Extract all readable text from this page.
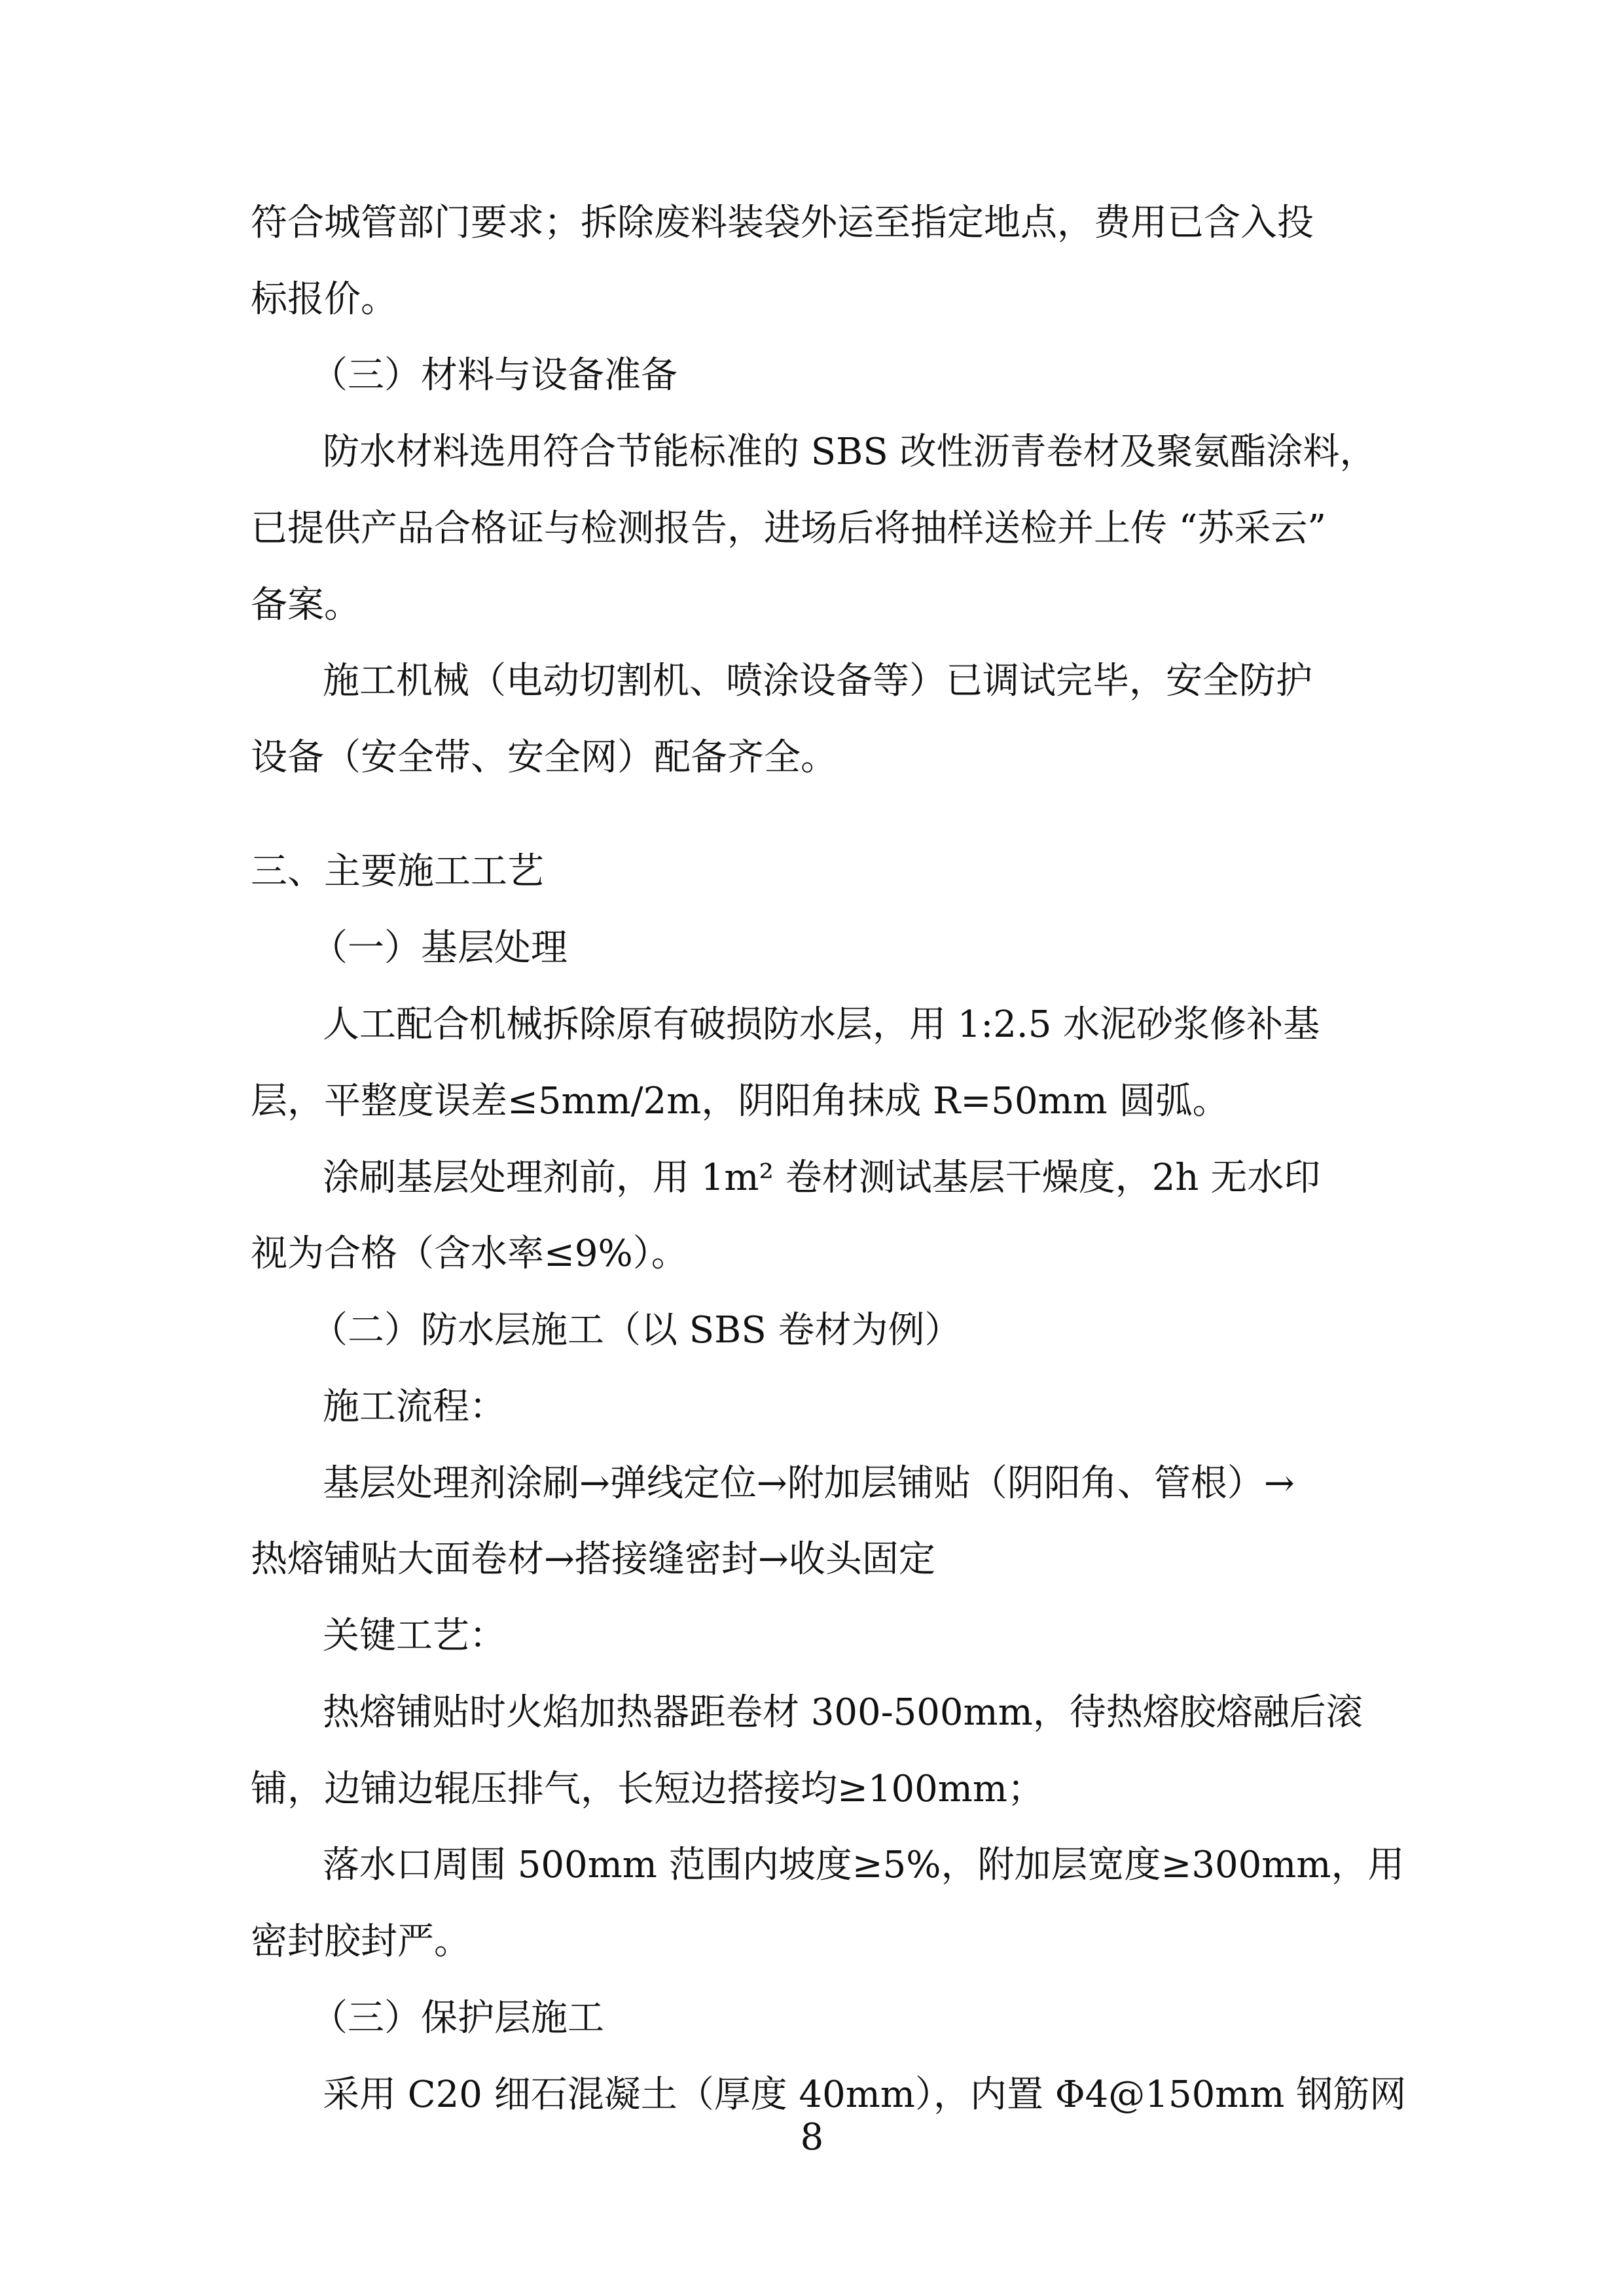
符合城管部门要求；拆除废料装袋外运至指定地点，费用已含入投

标报价。

（三）材料与设备准备

防水材料选用符合节能标准的 SBS 改性沥青卷材及聚氨酯涂料，

已提供产品合格证与检测报告，进场后将抽样送检并上传 “苏采云”

备案。

施工机械（电动切割机、喷涂设备等）已调试完毕，安全防护

设备（安全带、安全网）配备齐全。

三、主要施工工艺

（一）基层处理

人工配合机械拆除原有破损防水层，用 1:2.5 水泥砂浆修补基

层，平整度误差≤5mm/2m，阴阳角抹成 R=50mm 圆弧。

涂刷基层处理剂前，用 1m² 卷材测试基层干燥度，2h 无水印

视为合格（含水率≤9%）。

（二）防水层施工（以 SBS 卷材为例）

施工流程：

基层处理剂涂刷→弹线定位→附加层铺贴（阴阳角、管根）→

热熔铺贴大面卷材→搭接缝密封→收头固定

关键工艺：

热熔铺贴时火焰加热器距卷材 300-500mm，待热熔胶熔融后滚

铺，边铺边辊压排气，长短边搭接均≥100mm；

落水口周围 500mm 范围内坡度≥5%，附加层宽度≥300mm，用

密封胶封严。

（三）保护层施工

采用 C20 细石混凝土（厚度 40mm），内置 Φ4@150mm 钢筋网

8
